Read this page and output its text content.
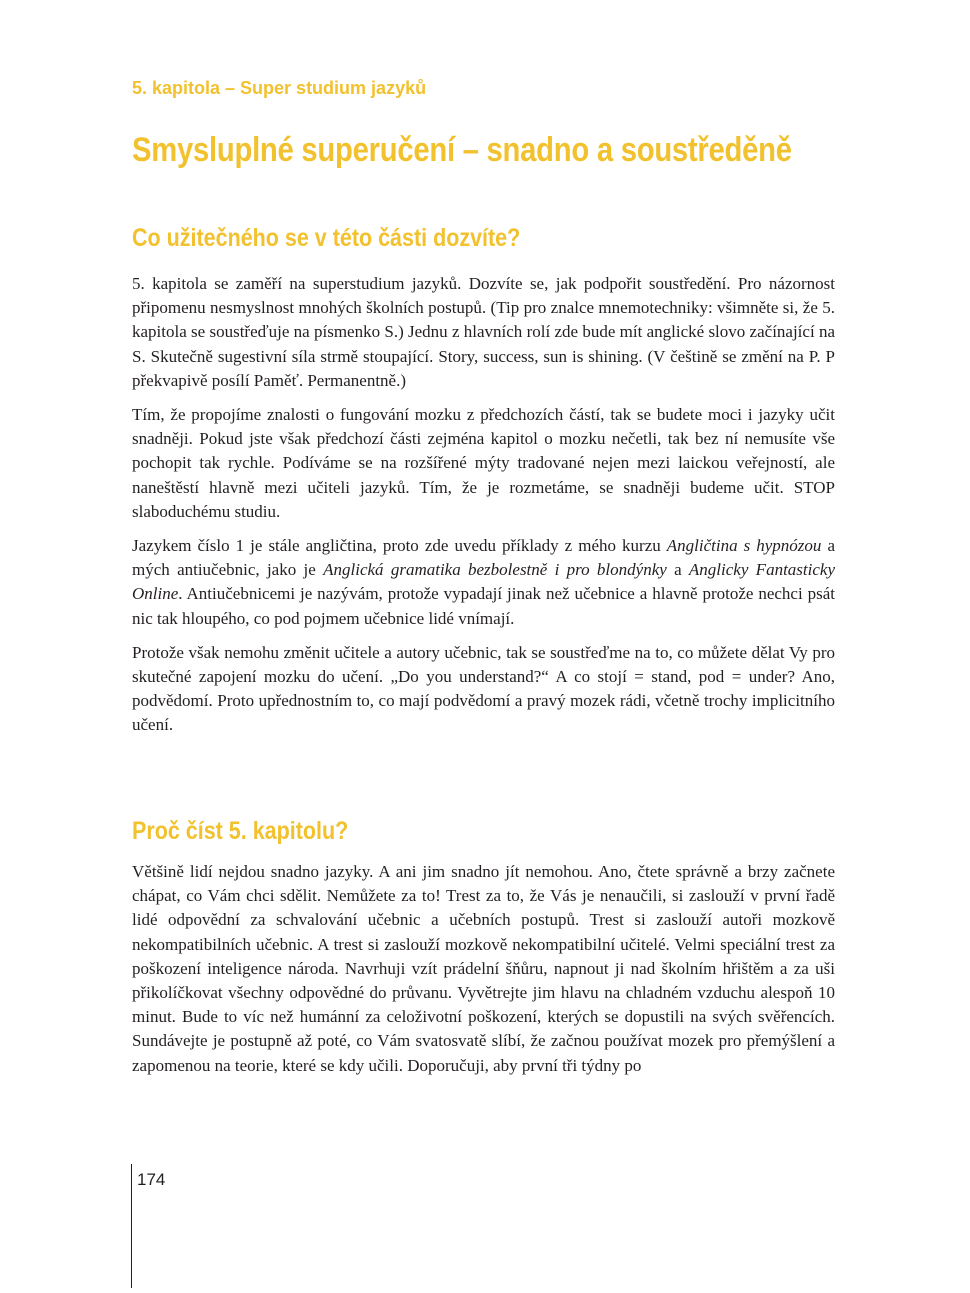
5. kapitola – Super studium jazyků
Smysluplné superučení – snadno a soustředěně
Co užitečného se v této části dozvíte?

5. kapitola se zaměří na superstudium jazyků. Dozvíte se, jak podpořit soustředění. Pro názornost připomenu nesmyslnost mnohých školních postupů. (Tip pro znalce mnemotechniky: všimněte si, že 5. kapitola se soustřeďuje na písmenko S.) Jednu z hlavních rolí zde bude mít anglické slovo začínající na S. Skutečně sugestivní síla strmě stoupající. Story, success, sun is shining. (V češtině se změní na P. P překvapivě posílí Paměť. Permanentně.)

Tím, že propojíme znalosti o fungování mozku z předchozích částí, tak se budete moci i jazyky učit snadněji. Pokud jste však předchozí části zejména kapitol o mozku nečetli, tak bez ní nemusíte vše pochopit tak rychle. Podíváme se na rozšířené mýty tradované nejen mezi laickou veřejností, ale naneštěstí hlavně mezi učiteli jazyků. Tím, že je rozmetáme, se snadněji budeme učit. STOP slaboduchému studiu.

Jazykem číslo 1 je stále angličtina, proto zde uvedu příklady z mého kurzu Angličtina s hypnózou a mých antiučebnic, jako je Anglická gramatika bezbolestně i pro blondýnky a Anglicky Fantasticky Online. Antiučebnicemi je nazývám, protože vypadají jinak než učebnice a hlavně protože nechci psát nic tak hloupého, co pod pojmem učebnice lidé vnímají.

Protože však nemohu změnit učitele a autory učebnic, tak se soustřeďme na to, co můžete dělat Vy pro skutečné zapojení mozku do učení. „Do you understand?“ A co stojí = stand, pod = under? Ano, podvědomí. Proto upřednostním to, co mají podvědomí a pravý mozek rádi, včetně trochy implicitního učení.

Proč číst 5. kapitolu?

Většině lidí nejdou snadno jazyky. A ani jim snadno jít nemohou. Ano, čtete správně a brzy začnete chápat, co Vám chci sdělit. Nemůžete za to! Trest za to, že Vás je nenaučili, si zaslouží v první řadě lidé odpovědní za schvalování učebnic a učebních postupů. Trest si zaslouží autoři mozkově nekompatibilních učebnic. A trest si zaslouží mozkově nekompatibilní učitelé. Velmi speciální trest za poškození inteligence národa. Navrhuji vzít prádelní šňůru, napnout ji nad školním hřištěm a za uši přikolíčkovat všechny odpovědné do průvanu. Vyvětrejte jim hlavu na chladném vzduchu alespoň 10 minut. Bude to víc než humánní za celoživotní poškození, kterých se dopustili na svých svěřencích. Sundávejte je postupně až poté, co Vám svatosvatě slíbí, že začnou používat mozek pro přemýšlení a zapomenou na teorie, které se kdy učili. Doporučuji, aby první tři týdny po

174
